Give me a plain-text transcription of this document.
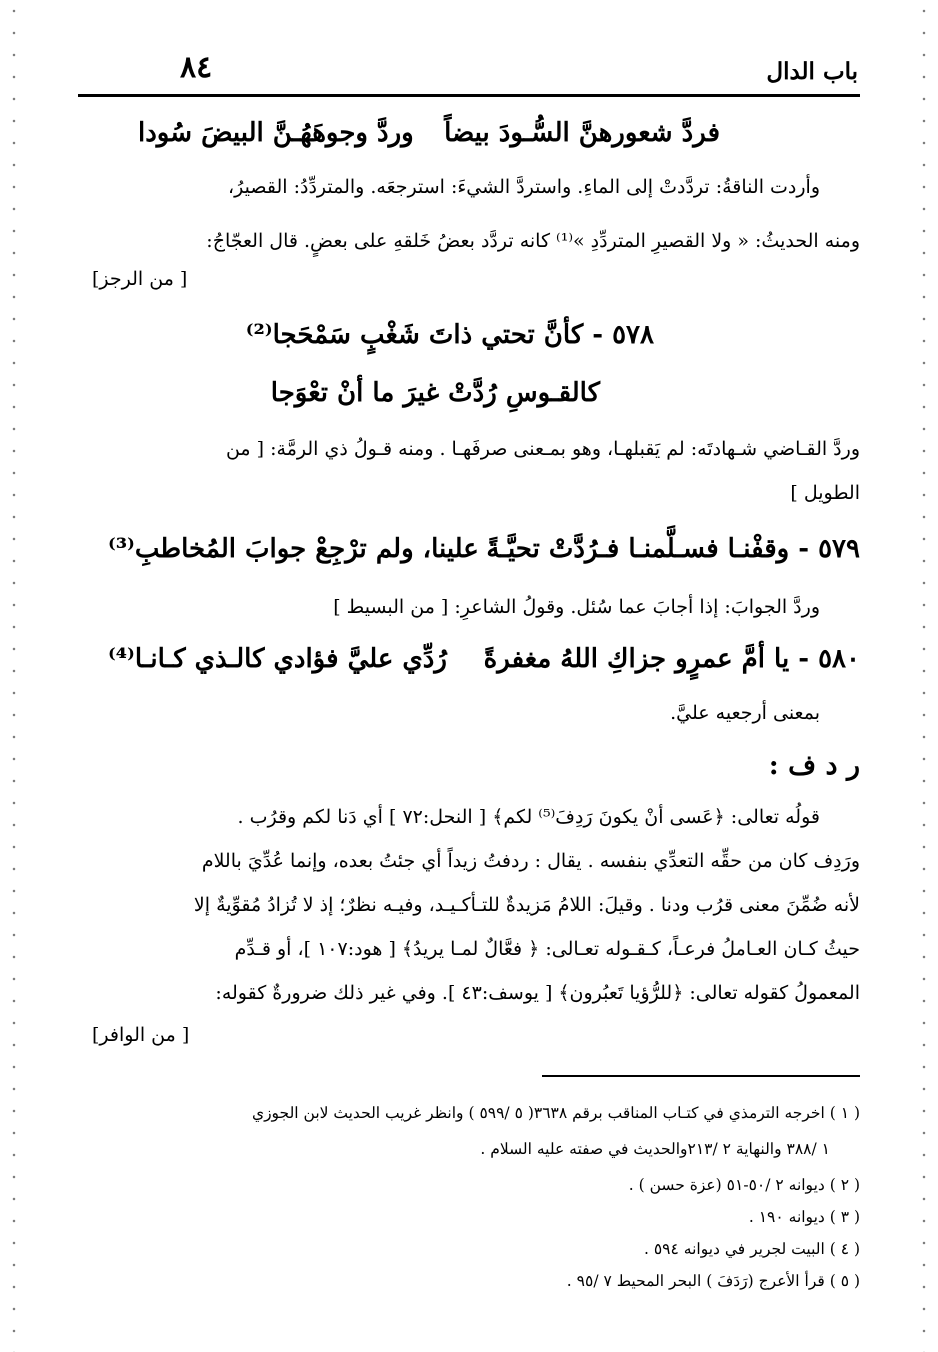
باب الدال
٨٤
فردَّ شعورهنَّ السُّـودَ بيضاً
وردَّ وجوهَهُـنَّ البيضَ سُودا
وأردت الناقةُ: تردَّدتْ إلى الماءِ. واستردَّ الشيءَ: استرجعَه. والمتردِّدُ: القصيرُ،
ومنه الحديثُ: « ولا القصيرِ المتردِّدِ »⁽¹⁾ كانه تردَّد بعضُ خَلقهِ على بعضٍ. قال العجّاجُ:
[ من الرجز]
٥٧٨ - كأنَّ تحتي ذاتَ شَغْبٍ سَمْحَجا⁽²⁾
كالقـوسِ رُدَّتْ غيرَ ما أنْ تعْوَجا
وردَّ القـاضي شـهادتَه: لم يَقبلهـا، وهو بمـعنى صرفَهـا . ومنه قـولُ ذي الرمَّة: [ من
الطويل ]
٥٧٩ - وقفْنـا فسـلَّمنـا فـرُدَّتْ تحيَّـةً
علينا، ولم ترْجِعْ جوابَ المُخاطبِ⁽³⁾
وردَّ الجوابَ: إذا أجابَ عما سُئل. وقولُ الشاعرِ: [ من البسيط ]
٥٨٠ - يا أمَّ عمرٍو جزاكِ اللهُ مغفرةً
رُدِّي عليَّ فؤادي كالـذي كـانـا⁽⁴⁾
بمعنى أرجعيه عليَّ.
ر د ف :
قولُه تعالى: ﴿عَسى أنْ يكونَ رَدِفَ⁽⁵⁾ لكم﴾ [ النحل:٧٢ ] أي دَنا لكم وقرُب .
ورَدِف كان من حقِّه التعدِّي بنفسه . يقال : ردفتُ زيداً أي جئتُ بعده، وإنما عُدِّيَ باللام
لأنه ضُمِّنَ معنى قرُب ودنا . وقيلَ: اللامُ مَزيدةٌ للتـأكـيـد، وفيـه نظرٌ؛ إذ لا تُزادُ مُقوِّيةٌ إلا
حيثُ كـان العـاملُ فرعـاً، كـقـوله تعـالى: ﴿ فعَّالٌ لمـا يريدُ﴾ [ هود:١٠٧ ]، أو قـدِّم
المعمولُ كقوله تعالى: ﴿للرُّؤيا تَعبُرون﴾ [ يوسف:٤٣ ]. وفي غير ذلك ضرورةٌ كقوله:
[ من الوافر]
( ١ ) اخرجه الترمذي في كتـاب المناقب برقم ٣٦٣٨( ٥ /٥٩٩ ) وانظر غريب الحديث لابن الجوزي
١ /٣٨٨ والنهاية ٢ /٢١٣والحديث في صفته عليه السلام .
( ٢ ) ديوانه ٢ /٥٠-٥١ (عزة حسن ) .
( ٣ ) ديوانه ١٩٠ .
( ٤ ) البيت لجرير في ديوانه ٥٩٤ .
( ٥ ) قرأ الأعرج (رَدَفَ ) البحر المحيط ٧ /٩٥ .
